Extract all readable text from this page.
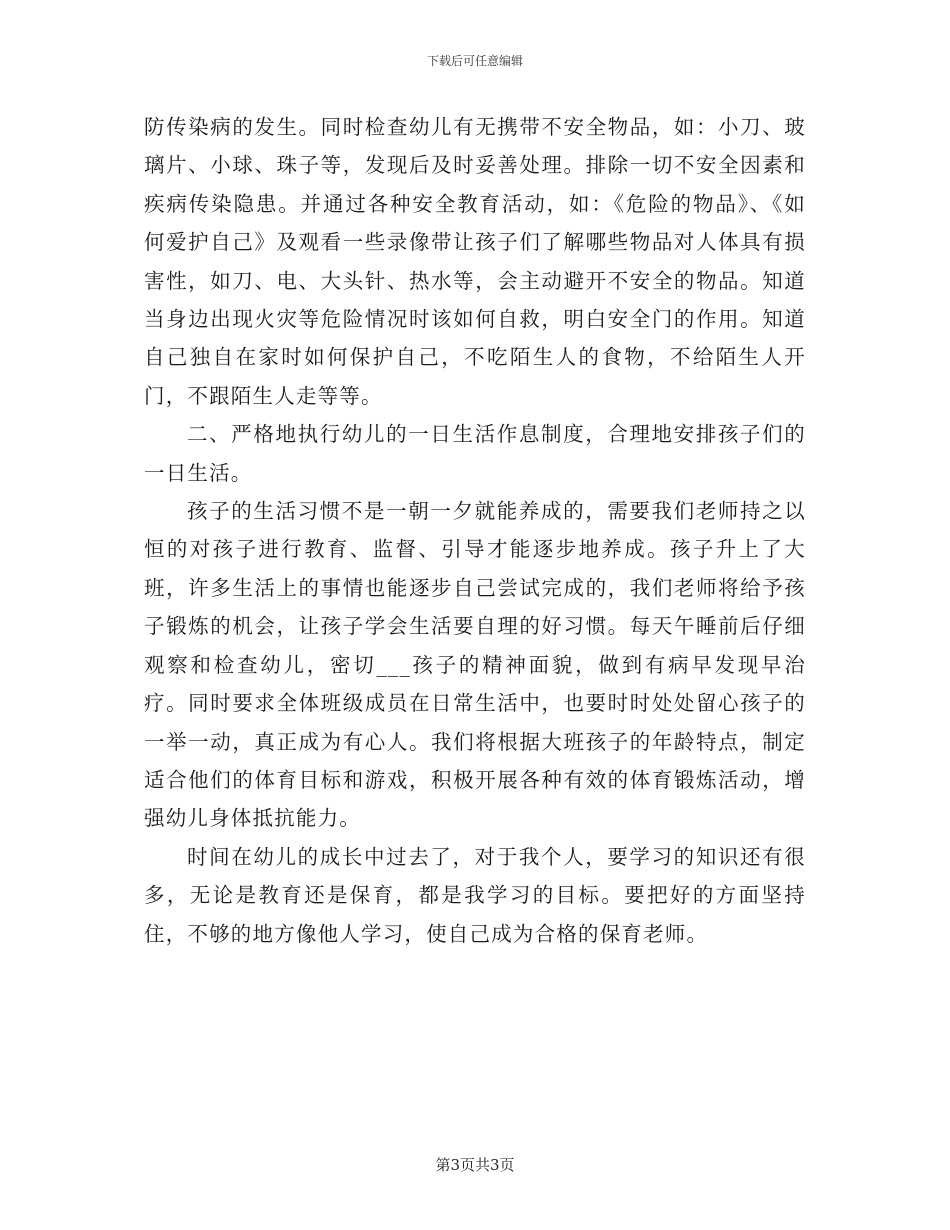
下载后可任意编辑

防传染病的发生。同时检查幼儿有无携带不安全物品，如：小刀、玻璃片、小球、珠子等，发现后及时妥善处理。排除一切不安全因素和疾病传染隐患。并通过各种安全教育活动，如：《危险的物品》、《如何爱护自己》及观看一些录像带让孩子们了解哪些物品对人体具有损害性，如刀、电、大头针、热水等，会主动避开不安全的物品。知道当身边出现火灾等危险情况时该如何自救，明白安全门的作用。知道自己独自在家时如何保护自己，不吃陌生人的食物，不给陌生人开门，不跟陌生人走等等。

二、严格地执行幼儿的一日生活作息制度，合理地安排孩子们的一日生活。

孩子的生活习惯不是一朝一夕就能养成的，需要我们老师持之以恒的对孩子进行教育、监督、引导才能逐步地养成。孩子升上了大班，许多生活上的事情也能逐步自己尝试完成的，我们老师将给予孩子锻炼的机会，让孩子学会生活要自理的好习惯。每天午睡前后仔细观察和检查幼儿，密切___孩子的精神面貌，做到有病早发现早治疗。同时要求全体班级成员在日常生活中，也要时时处处留心孩子的一举一动，真正成为有心人。我们将根据大班孩子的年龄特点，制定适合他们的体育目标和游戏，积极开展各种有效的体育锻炼活动，增强幼儿身体抵抗能力。

时间在幼儿的成长中过去了，对于我个人，要学习的知识还有很多，无论是教育还是保育，都是我学习的目标。要把好的方面坚持住，不够的地方像他人学习，使自己成为合格的保育老师。

第3页共3页
